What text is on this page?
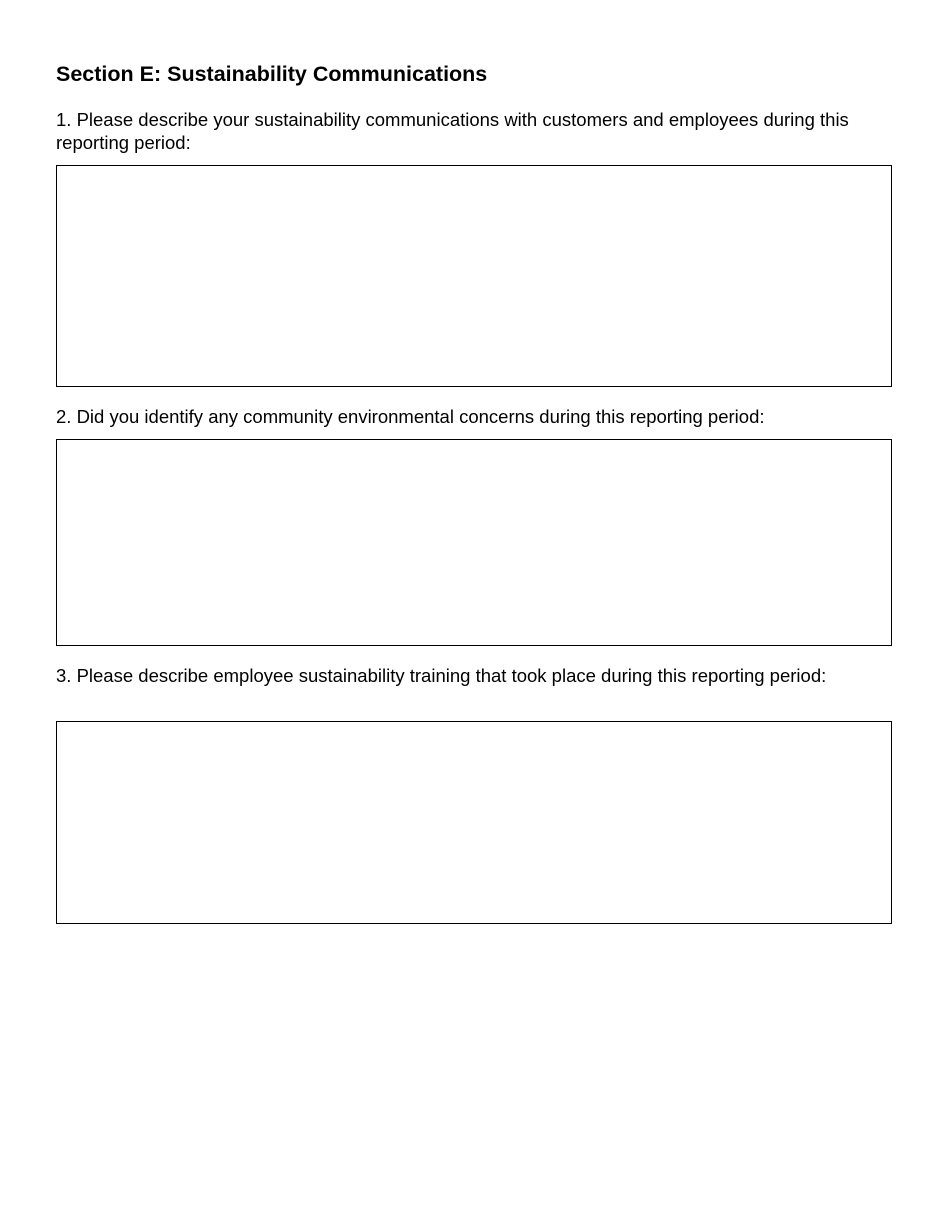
Section E: Sustainability Communications

1. Please describe your sustainability communications with customers and employees during this reporting period:

2. Did you identify any community environmental concerns during this reporting period:

3. Please describe employee sustainability training that took place during this reporting period:
